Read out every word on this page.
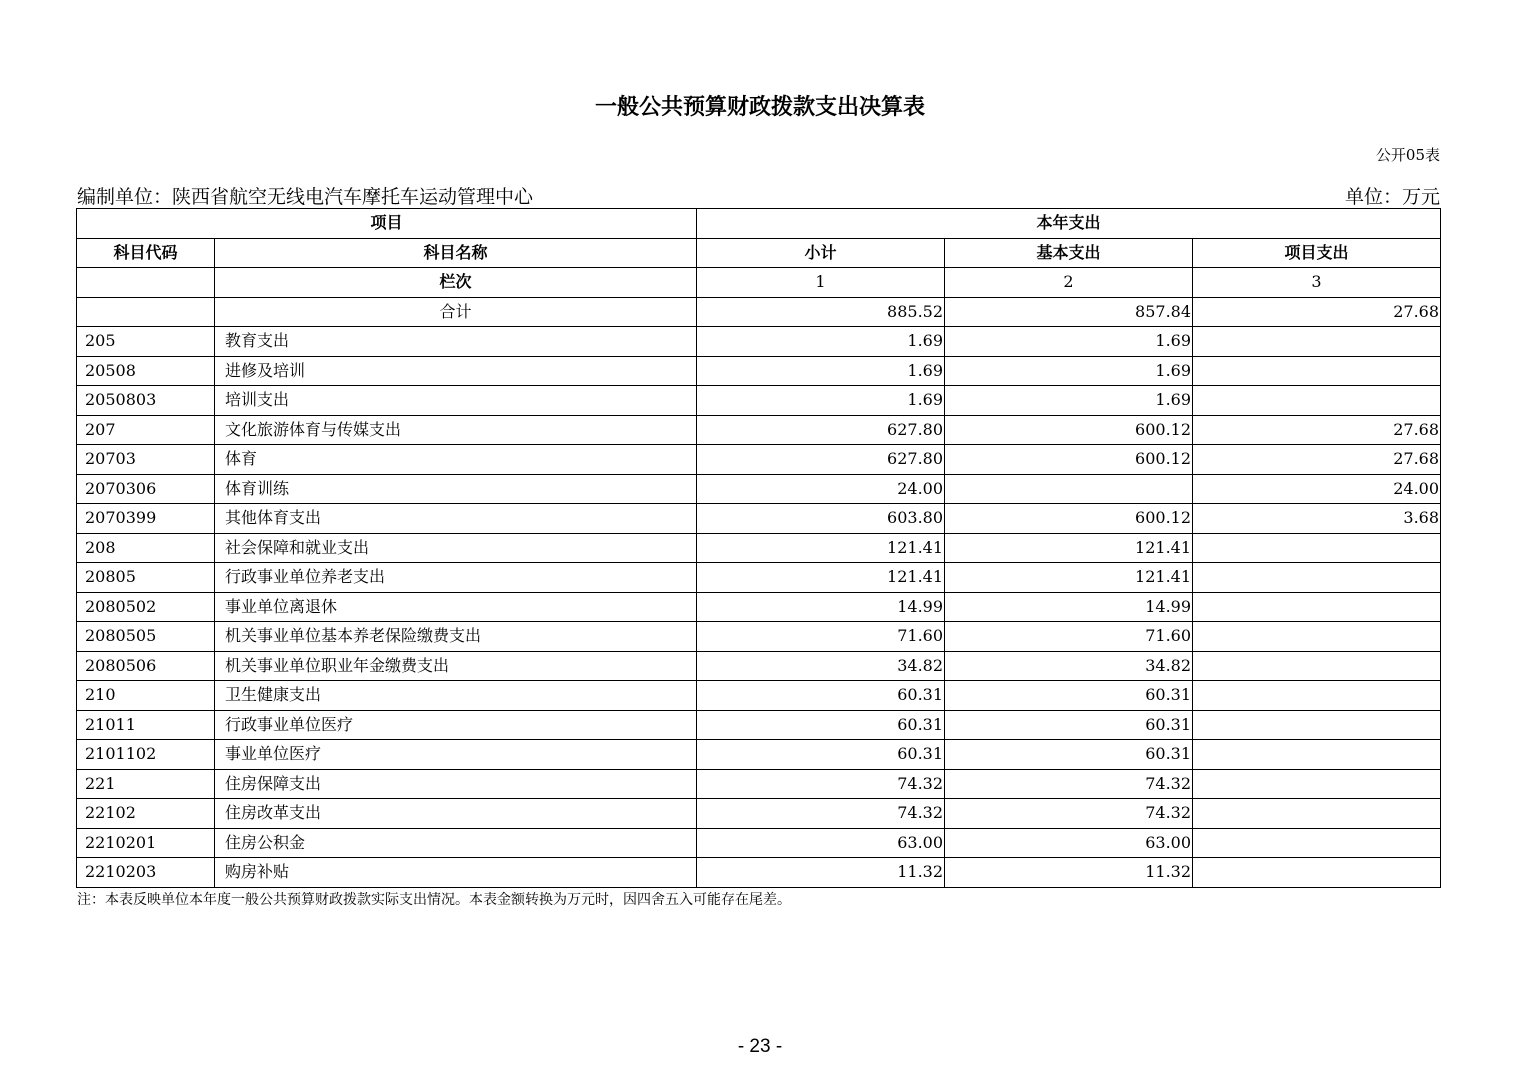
一般公共预算财政拨款支出决算表
公开05表
编制单位：陕西省航空无线电汽车摩托车运动管理中心	单位：万元
项目		本年支出		
科目代码	科目名称	小计	基本支出	项目支出
	栏次	1	2	3
	合计	885.52	857.84	27.68
205	教育支出	1.69	1.69	
20508	进修及培训	1.69	1.69	
2050803	培训支出	1.69	1.69	
207	文化旅游体育与传媒支出	627.80	600.12	27.68
20703	体育	627.80	600.12	27.68
2070306	体育训练	24.00		24.00
2070399	其他体育支出	603.80	600.12	3.68
208	社会保障和就业支出	121.41	121.41	
20805	行政事业单位养老支出	121.41	121.41	
2080502	事业单位离退休	14.99	14.99	
2080505	机关事业单位基本养老保险缴费支出	71.60	71.60	
2080506	机关事业单位职业年金缴费支出	34.82	34.82	
210	卫生健康支出	60.31	60.31	
21011	行政事业单位医疗	60.31	60.31	
2101102	事业单位医疗	60.31	60.31	
221	住房保障支出	74.32	74.32	
22102	住房改革支出	74.32	74.32	
2210201	住房公积金	63.00	63.00	
2210203	购房补贴	11.32	11.32	
注：本表反映单位本年度一般公共预算财政拨款实际支出情况。本表金额转换为万元时，因四舍五入可能存在尾差。
- 23 -
